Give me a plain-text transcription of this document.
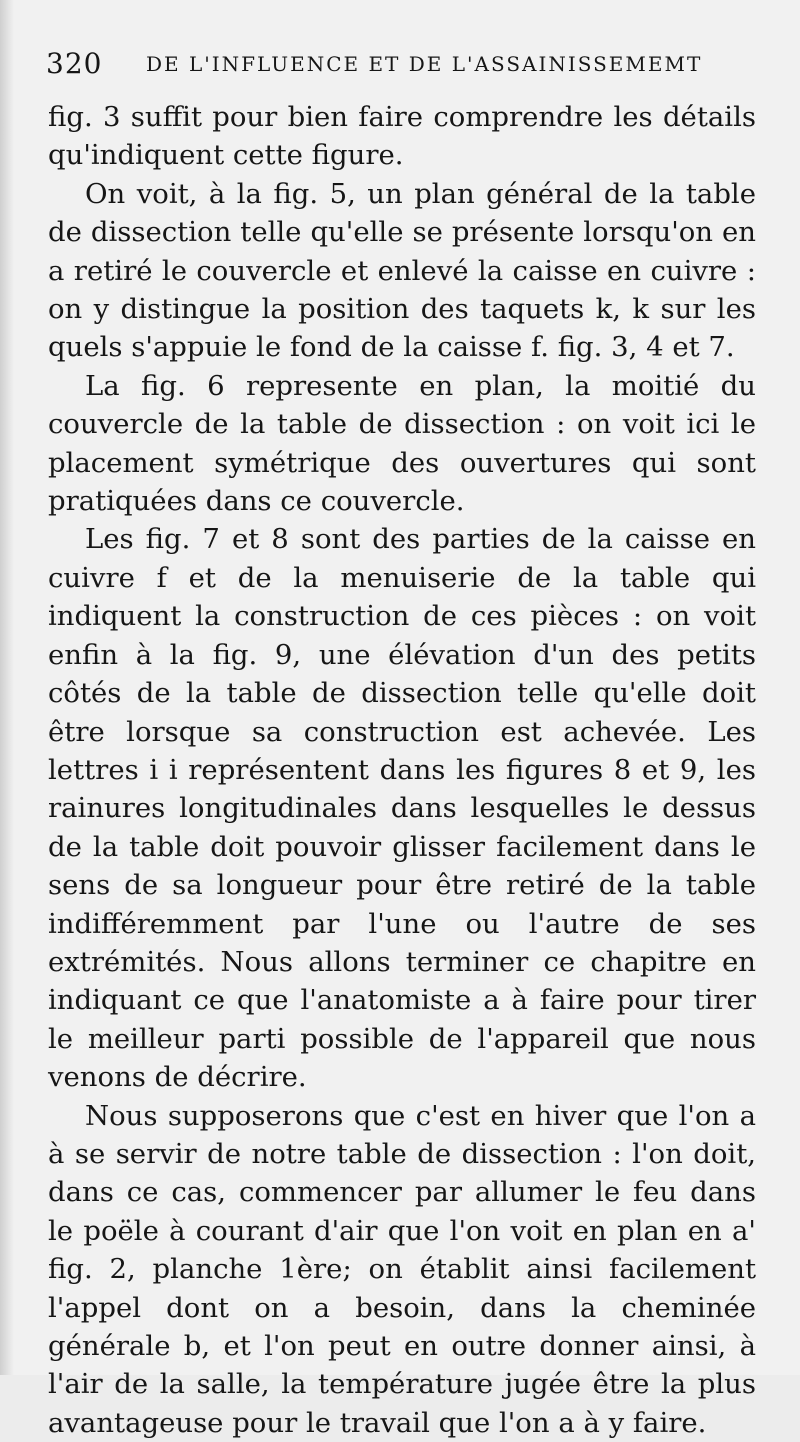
320 DE L'INFLUENCE ET DE L'ASSAINISSEMEMT

fig. 3 suffit pour bien faire comprendre les détails qu'indiquent cette figure.

On voit, à la fig. 5, un plan général de la table de dissection telle qu'elle se présente lorsqu'on en a retiré le couvercle et enlevé la caisse en cuivre : on y distingue la position des taquets k, k sur les quels s'appuie le fond de la caisse f. fig. 3, 4 et 7.

La fig. 6 represente en plan, la moitié du couvercle de la table de dissection : on voit ici le placement symétrique des ouvertures qui sont pratiquées dans ce couvercle.

Les fig. 7 et 8 sont des parties de la caisse en cuivre f et de la menuiserie de la table qui indiquent la construction de ces pièces : on voit enfin à la fig. 9, une élévation d'un des petits côtés de la table de dissection telle qu'elle doit être lorsque sa construction est achevée. Les lettres i i représentent dans les figures 8 et 9, les rainures longitudinales dans lesquelles le dessus de la table doit pouvoir glisser facilement dans le sens de sa longueur pour être retiré de la table indifféremment par l'une ou l'autre de ses extrémités. Nous allons terminer ce chapitre en indiquant ce que l'anatomiste a à faire pour tirer le meilleur parti possible de l'appareil que nous venons de décrire.

Nous supposerons que c'est en hiver que l'on a à se servir de notre table de dissection : l'on doit, dans ce cas, commencer par allumer le feu dans le poële à courant d'air que l'on voit en plan en a' fig. 2, planche 1ère; on établit ainsi facilement l'appel dont on a besoin, dans la cheminée générale b, et l'on peut en outre donner ainsi, à l'air de la salle, la température jugée être la plus avantageuse pour le travail que l'on a à y faire.
